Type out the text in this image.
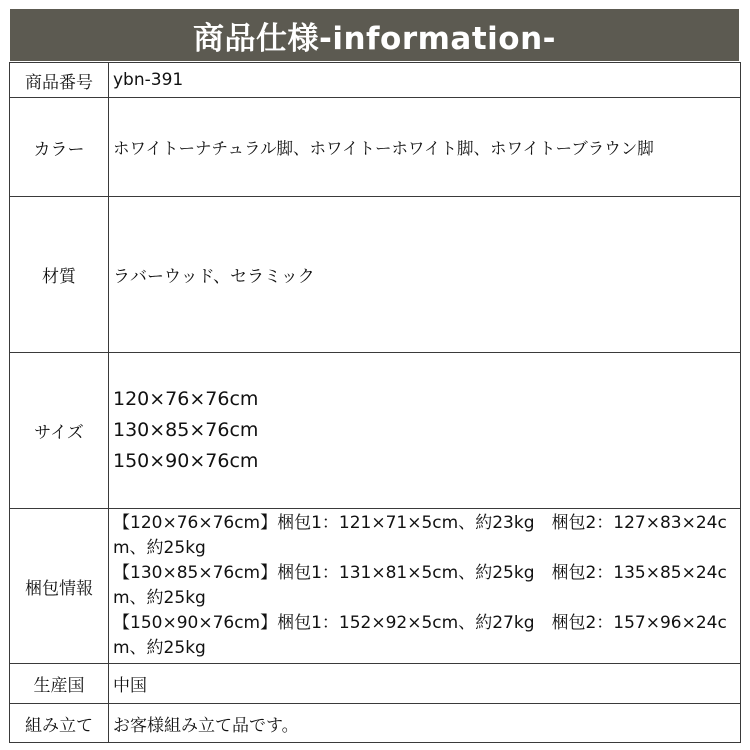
商品仕様-information-
商品番号	ybn-391
カラー	ホワイトーナチュラル脚、ホワイトーホワイト脚、ホワイトーブラウン脚

材質	ラバーウッド、セラミック

サイズ	120×76×76cm
130×85×76cm
150×90×76cm

梱包情報	【120×76×76cm】梱包1：121×71×5cm、約23kg　梱包2：127×83×24cm、約25kg
【130×85×76cm】梱包1：131×81×5cm、約25kg　梱包2：135×85×24cm、約25kg
【150×90×76cm】梱包1：152×92×5cm、約27kg　梱包2：157×96×24cm、約25kg

生産国	中国
組み立て	お客様組み立て品です。
